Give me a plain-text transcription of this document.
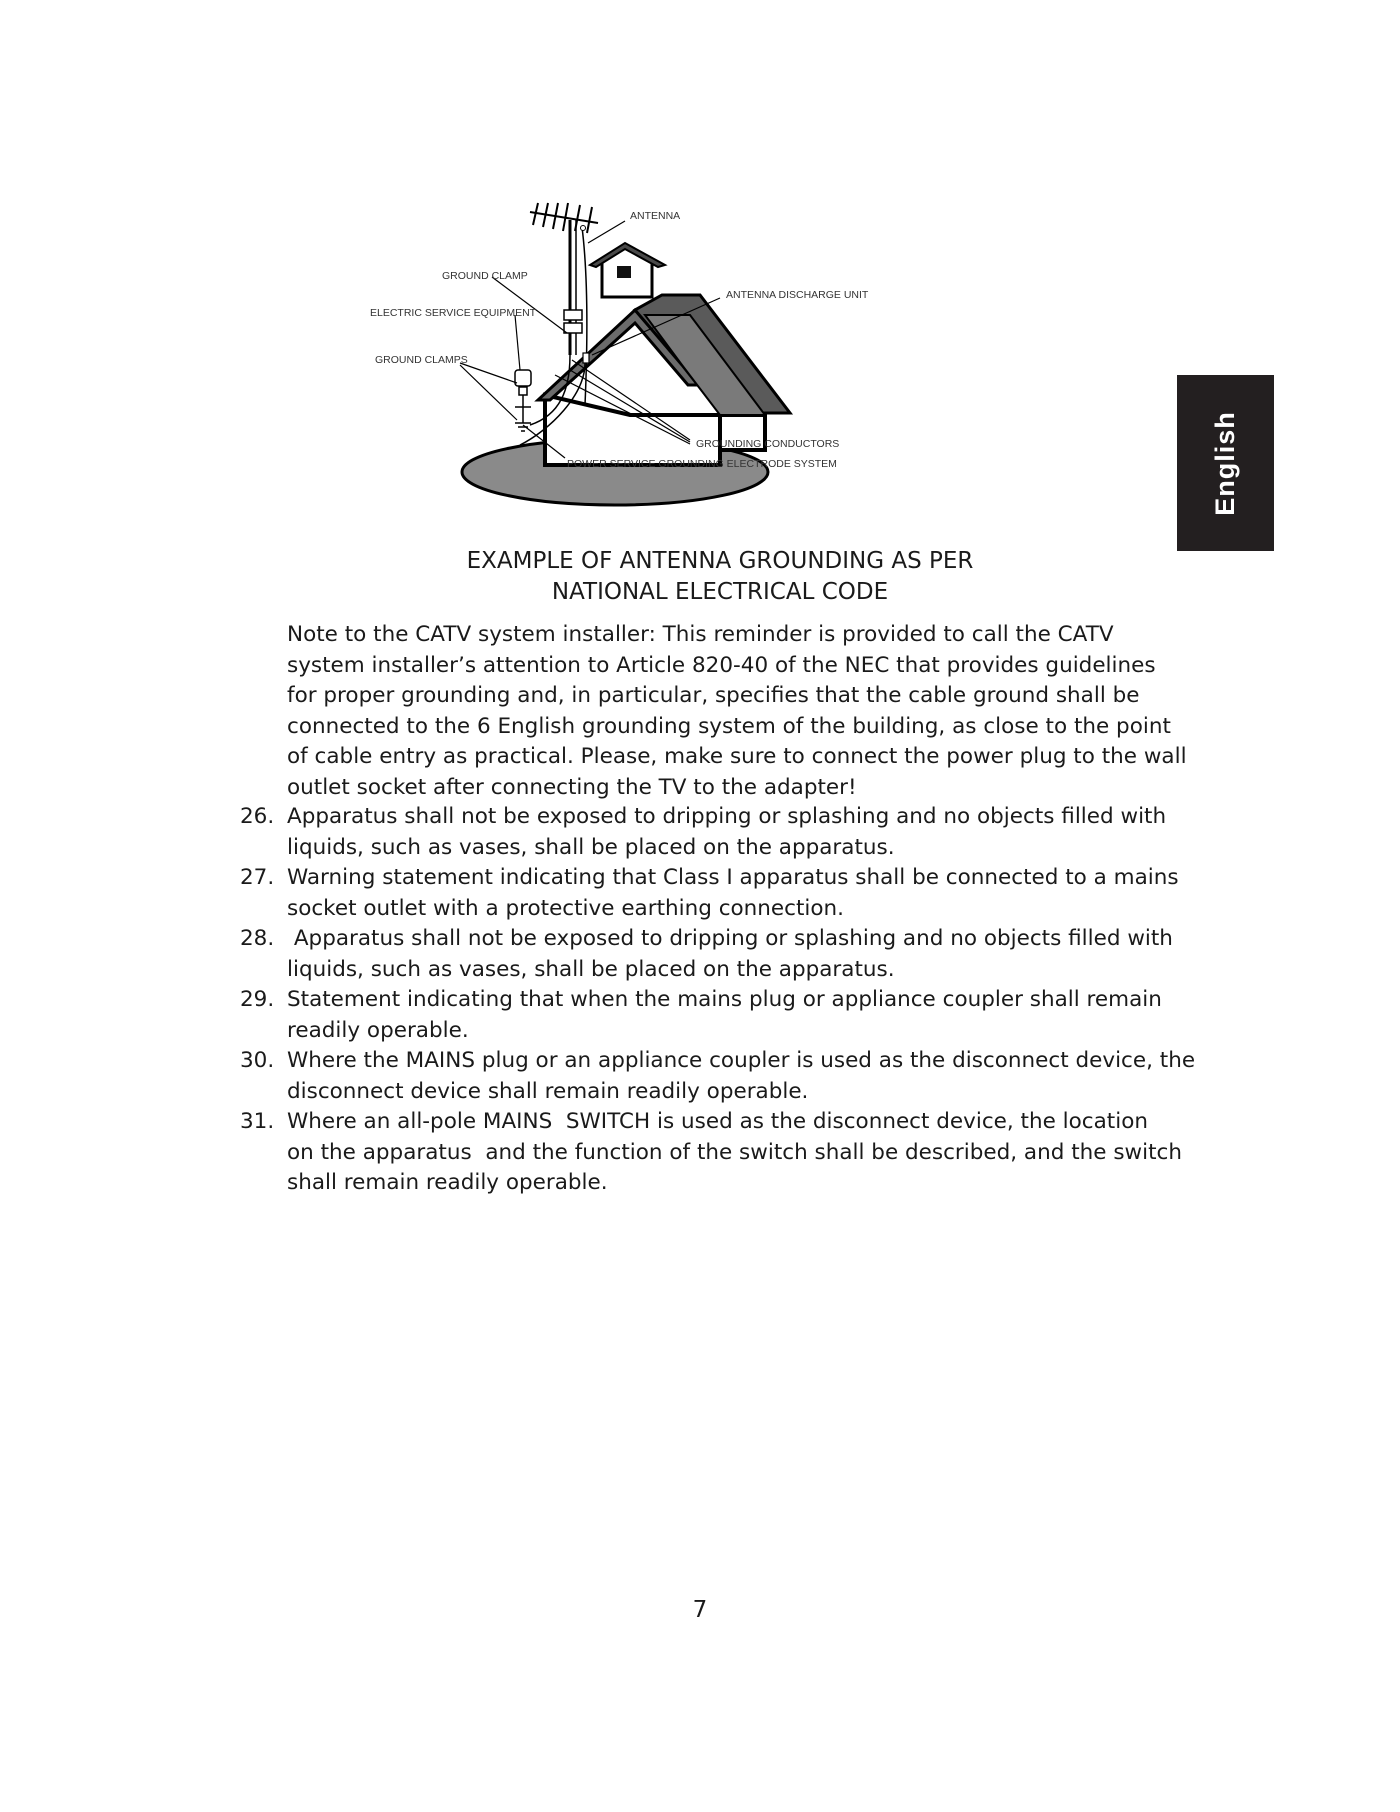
English
ANTENNA
GROUND CLAMP
ANTENNA DISCHARGE UNIT
ELECTRIC SERVICE EQUIPMENT
GROUND CLAMPS
GROUNDING CONDUCTORS
POWER SERVICE GROUNDING ELECTRODE SYSTEM
EXAMPLE OF ANTENNA GROUNDING AS PER
NATIONAL ELECTRICAL CODE
Note to the CATV system installer: This reminder is provided to call the CATV
system installer’s attention to Article 820-40 of the NEC that provides guidelines
for proper grounding and, in particular, specifies that the cable ground shall be
connected to the 6 English grounding system of the building, as close to the point
of cable entry as practical. Please, make sure to connect the power plug to the wall
outlet socket after connecting the TV to the adapter!
26. Apparatus shall not be exposed to dripping or splashing and no objects filled with
liquids, such as vases, shall be placed on the apparatus.
27. Warning statement indicating that Class I apparatus shall be connected to a mains
socket outlet with a protective earthing connection.
28. Apparatus shall not be exposed to dripping or splashing and no objects filled with
liquids, such as vases, shall be placed on the apparatus.
29. Statement indicating that when the mains plug or appliance coupler shall remain
readily operable.
30. Where the MAINS plug or an appliance coupler is used as the disconnect device, the
disconnect device shall remain readily operable.
31. Where an all-pole MAINS  SWITCH is used as the disconnect device, the location
on the apparatus  and the function of the switch shall be described, and the switch
shall remain readily operable.
7
